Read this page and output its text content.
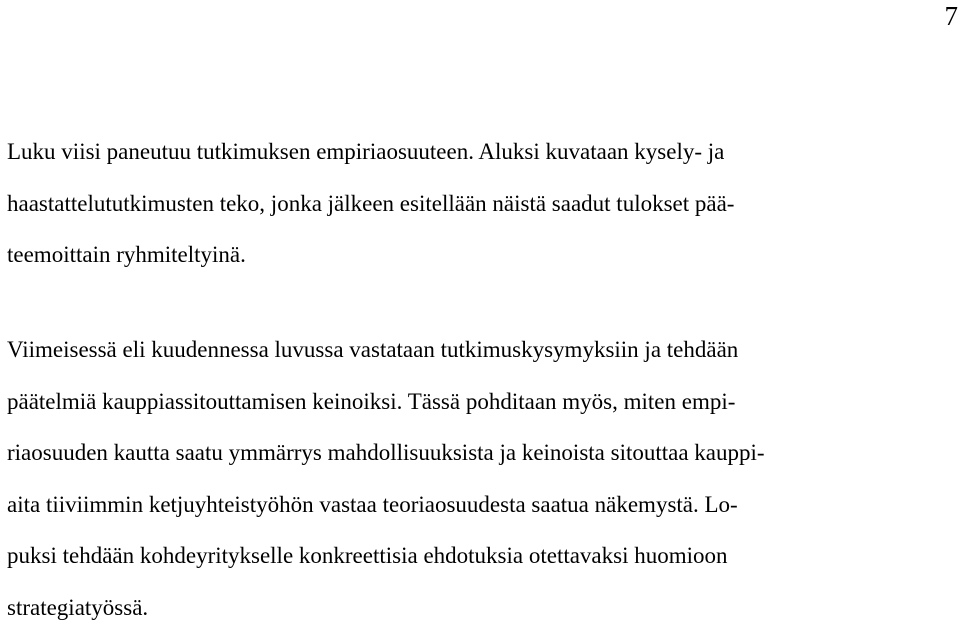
7
Luku viisi paneutuu tutkimuksen empiriaosuuteen. Aluksi kuvataan kysely- ja
haastattelututkimusten teko, jonka jälkeen esitellään näistä saadut tulokset pää-
teemoittain ryhmiteltyinä.
Viimeisessä eli kuudennessa luvussa vastataan tutkimuskysymyksiin ja tehdään
päätelmiä kauppiassitouttamisen keinoiksi. Tässä pohditaan myös, miten empi-
riaosuuden kautta saatu ymmärrys mahdollisuuksista ja keinoista sitouttaa kauppi-
aita tiiviimmin ketjuyhteistyöhön vastaa teoriaosuudesta saatua näkemystä. Lo-
puksi tehdään kohdeyritykselle konkreettisia ehdotuksia otettavaksi huomioon
strategiatyössä.
